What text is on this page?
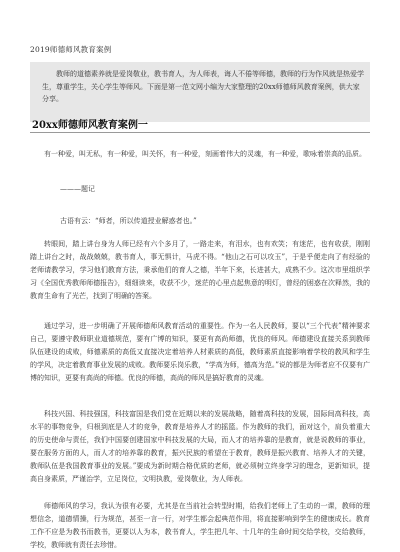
2019师德师风教育案例

教师的道德素养就是爱岗敬业，教书育人，为人师表，诲人不倦等师德，教师的行为作风就是热爱学生，尊重学生，关心学生等师风。下面是第一范文网小编为大家整理的20xx师德师风教育案例，供大家分享。

20xx师德师风教育案例一

有一种爱，叫无私，有一种爱，叫关怀，有一种爱，刻画着伟大的灵魂，有一种爱，歌咏着崇高的品质。

———题记
古语有云：“师者，所以传道授业解惑者也。”

转眼间，踏上讲台身为人师已经有六个多月了，一路走来，有泪水，也有欢笑；有迷茫，也有收获，刚刚踏上讲台之时，战战兢兢，教书育人，事无惧计，马虎不得。“他山之石可以攻玉”，于是乎便走向了有经验的老师请教学习，学习他们教育方法，秉承他们的育人之德，半年下来，长进甚大，成熟不少。这次市里组织学习《全国优秀教师师德报告》，细细读来，收获不少，迷茫的心里点起焦意的明灯，曾经的困惑在次释然，我的教育生命有了光芒，找到了明确的答案。

通过学习，进一步明确了开展师德师风教育活动的重要性。作为一名人民教师，要以“三个代表”精神要求自己，要遵守教师职业道德规范，要有广博的知识，要更有高尚师德，优良的师风。师德建设直接关系到教师队伍建设的成败，师德素质的高低又直接决定着培养人材素质的高低，教师素质直接影响着学校的教风和学生的学风，决定着教育事业发展的成败。教师要乐岗乐教，“学高为师，德高为范。”说的都是为师者应不仅要有广博的知识，更要有高尚的师德。优良的师德，高尚的师风是搞好教育的灵魂。

科技兴国、科技强国，科技富国是我们党在近期以来的发展战略，随着高科技的发展，国际间高科技，高水平的事物竞争，归根到底是人才的竞争，教育是培养人才的摇篮。作为教师的我们，面对这个，肩负着重大的历史使命与责任，我们中国要创建国家中科技发展的大局，而人才的培养靠的是教育，就是说教师的事业，要在服务方面的人，而人才的培养靠的教育，振兴民族的希望在于教育，教师是振兴教育、培养人才的关键，教师队伍是我国教育事业的发展。”要成为新时期合格优质的老师，就必须树立终身学习的理念，更新知识，提高自身素质，严谨治学，立足岗位，文明执教，爱岗敬业，为人师表。

师德师风的学习，我认为很有必要，尤其是在当前社会转型时期，给我们老师上了生动的一课，教师的理想信念，道德情操，行为规范，甚至一言一行，对学生都会起典范作用，将直接影响到学生的健康成长。教育工作不应是为教书而教书，更要以人为本，教书育人，学生把几年、十几年的生命时间交给学校，交给教师，学校，教师就有责任去珍惜。
